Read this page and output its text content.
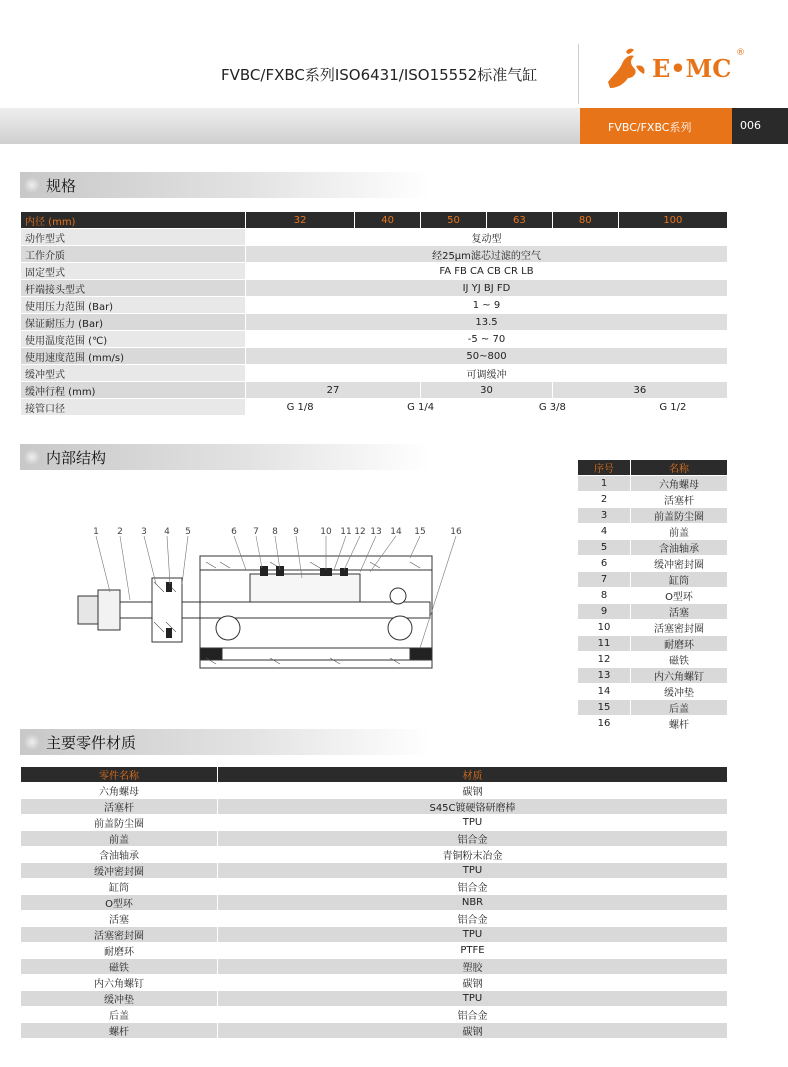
FVBC/FXBC系列ISO6431/ISO15552标准气缸	E•MC
®
FVBC/FXBC系列	006
规格
内径 (mm)	32	40	50	63	80	100
动作型式	复动型					
工作介质	经25μm滤芯过滤的空气					
固定型式	FA FB CA CB CR LB					
杆端接头型式	IJ YJ BJ FD					
使用压力范围 (Bar)	1 ~ 9					
保证耐压力 (Bar)	13.5					
使用温度范围 (℃)	-5 ~ 70					
使用速度范围 (mm/s)	50~800					
缓冲型式	可调缓冲					
缓冲行程 (mm)	27		30		36	
接管口径	G 1/8	G 1/4		G 3/8		G 1/2
内部结构
1 2 3 4 5	6 7 8 9 10 11 12 13 14 15	16
序号	名称
1	六角螺母
2	活塞杆
3	前盖防尘圈
4	前盖
5	含油轴承
6	缓冲密封圈
7	缸筒
8	O型环
9	活塞
10	活塞密封圈
11	耐磨环
12	磁铁
13	内六角螺钉
14	缓冲垫
15	后盖
16	螺杆
主要零件材质
零件名称	材质
六角螺母	碳钢
活塞杆	S45C镀硬铬研磨棒
前盖防尘圈	TPU
前盖	铝合金
含油轴承	青铜粉末冶金
缓冲密封圈	TPU
缸筒	铝合金
O型环	NBR
活塞	铝合金
活塞密封圈	TPU
耐磨环	PTFE
磁铁	塑胶
内六角螺钉	碳钢
缓冲垫	TPU
后盖	铝合金
螺杆	碳钢
